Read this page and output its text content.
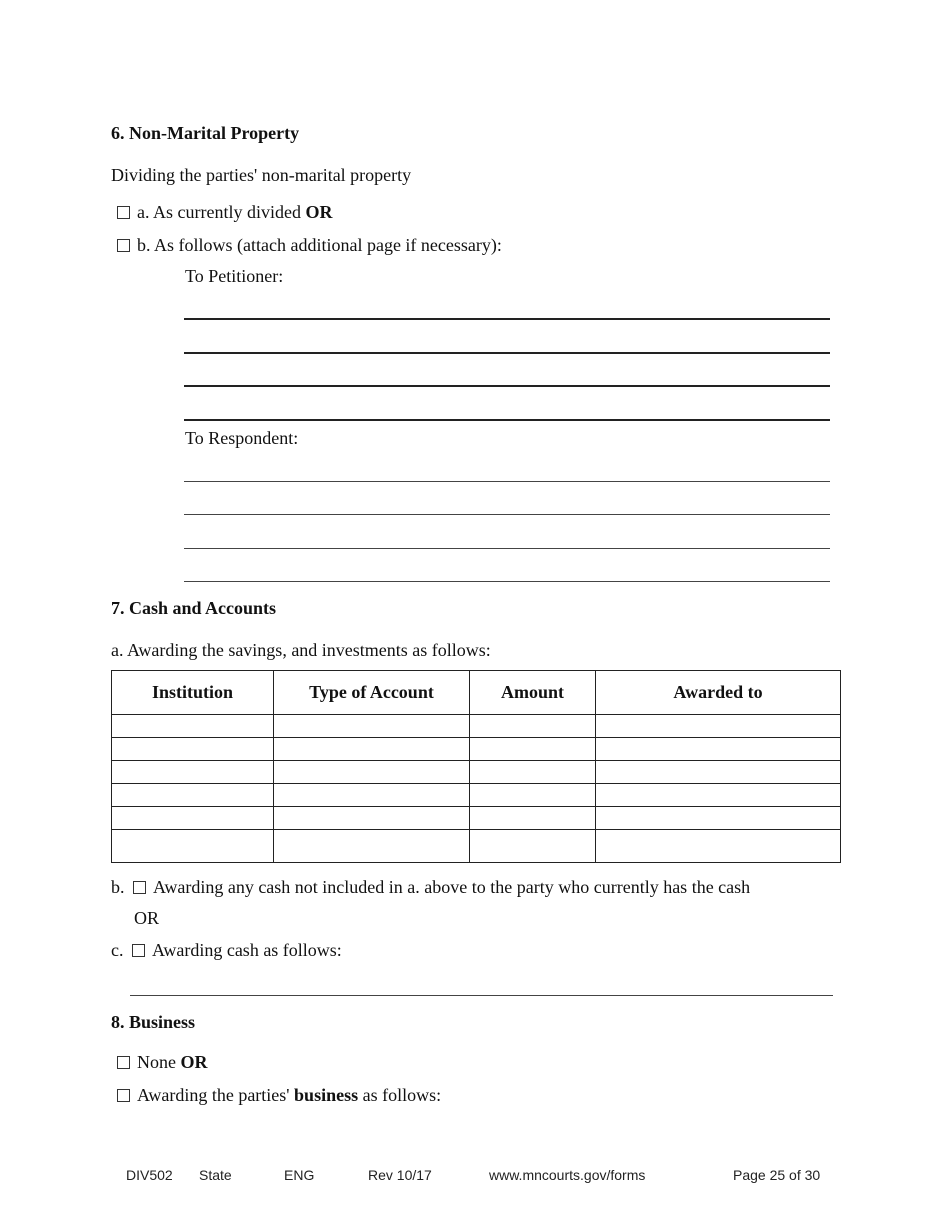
6. Non-Marital Property
Dividing the parties' non-marital property
a. As currently divided OR
b. As follows (attach additional page if necessary):
To Petitioner:
To Respondent:
7. Cash and Accounts
a. Awarding the savings, and investments as follows:
Institution	Type of Account	Amount	Awarded to

b. Awarding any cash not included in a. above to the party who currently has the cash
OR
c. Awarding cash as follows:
8. Business
None OR
Awarding the parties' business as follows:
DIV502 State	ENG	Rev 10/17	www.mncourts.gov/forms	Page 25 of 30
